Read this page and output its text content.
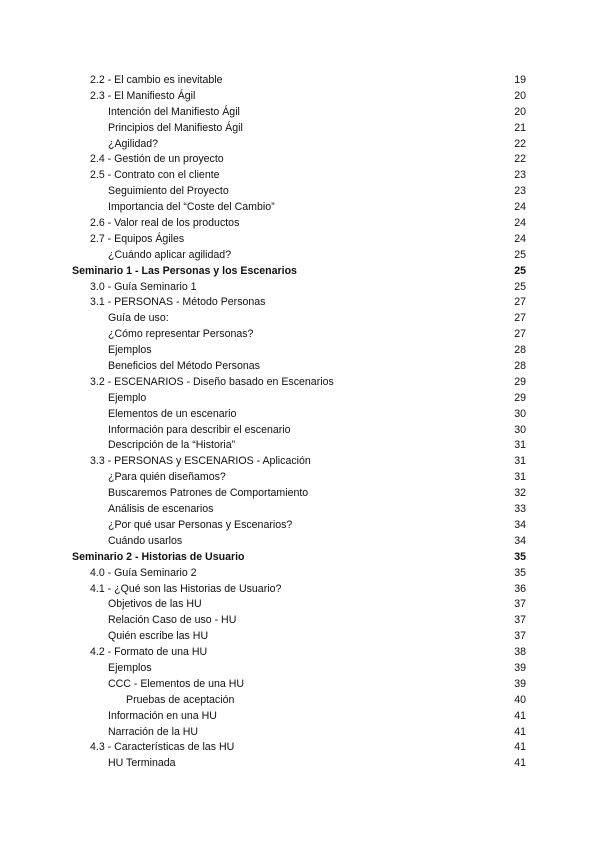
2.2 - El cambio es inevitable	19
2.3 - El Manifiesto Ágil	20
Intención del Manifiesto Ágil	20
Principios del Manifiesto Ágil	21
¿Agilidad?	22
2.4 - Gestión de un proyecto	22
2.5 - Contrato con el cliente	23
Seguimiento del Proyecto	23
Importancia del “Coste del Cambio”	24
2.6 - Valor real de los productos	24
2.7 - Equipos Ágiles	24
¿Cuándo aplicar agilidad?	25
Seminario 1 - Las Personas y los Escenarios	25
3.0 - Guía Seminario 1	25
3.1 - PERSONAS - Método Personas	27
Guía de uso:	27
¿Cómo representar Personas?	27
Ejemplos	28
Beneficios del Método Personas	28
3.2 - ESCENARIOS - Diseño basado en Escenarios	29
Ejemplo	29
Elementos de un escenario	30
Información para describir el escenario	30
Descripción de la “Historia”	31
3.3 - PERSONAS y ESCENARIOS - Aplicación	31
¿Para quién diseñamos?	31
Buscaremos Patrones de Comportamiento	32
Análisis de escenarios	33
¿Por qué usar Personas y Escenarios?	34
Cuándo usarlos	34
Seminario 2 - Historias de Usuario	35
4.0 - Guía Seminario 2	35
4.1 - ¿Qué son las Historias de Usuario?	36
Objetivos de las HU	37
Relación Caso de uso - HU	37
Quién escribe las HU	37
4.2 - Formato de una HU	38
Ejemplos	39
CCC - Elementos de una HU	39
Pruebas de aceptación	40
Información en una HU	41
Narración de la HU	41
4.3 - Características de las HU	41
HU Terminada	41
